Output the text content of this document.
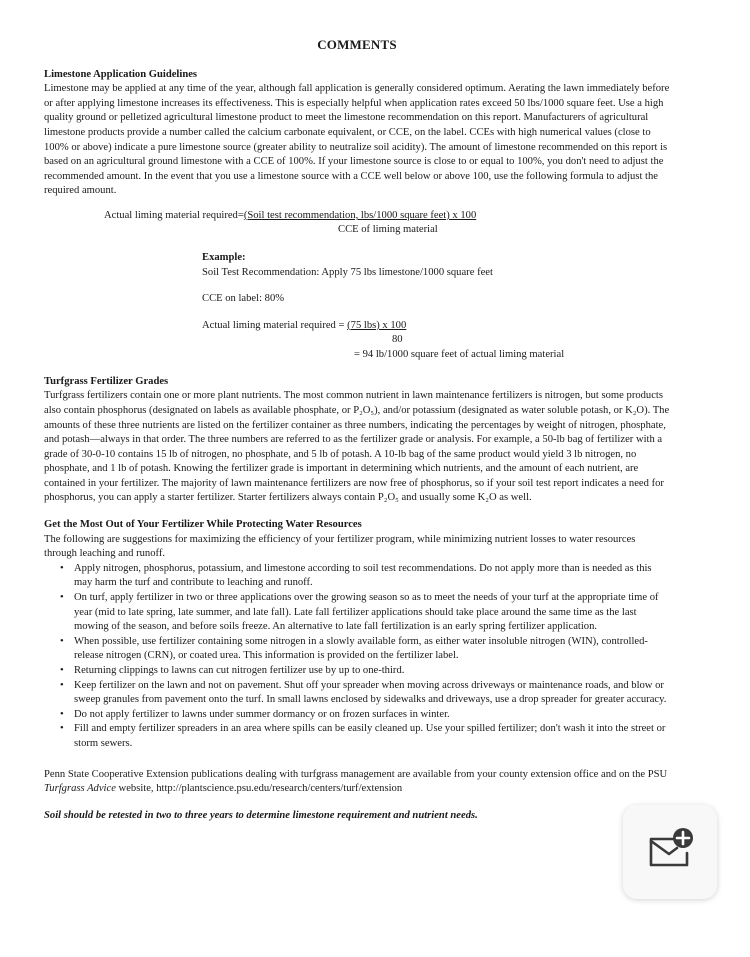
COMMENTS
Limestone Application Guidelines

Limestone may be applied at any time of the year, although fall application is generally considered optimum. Aerating the lawn immediately before or after applying limestone increases its effectiveness. This is especially helpful when application rates exceed 50 lbs/1000 square feet. Use a high quality ground or pelletized agricultural limestone product to meet the limestone recommendation on this report. Manufacturers of agricultural limestone products provide a number called the calcium carbonate equivalent, or CCE, on the label. CCEs with high numerical values (close to 100% or above) indicate a pure limestone source (greater ability to neutralize soil acidity). The amount of limestone recommended on this report is based on an agricultural ground limestone with a CCE of 100%. If your limestone source is close to or equal to 100%, you don't need to adjust the recommended amount. In the event that you use a limestone source with a CCE well below or above 100, use the following formula to adjust the required amount.

Actual liming material required=(Soil test recommendation, lbs/1000 square feet) x 100
CCE of liming material

Example:

Soil Test Recommendation: Apply 75 lbs limestone/1000 square feet

CCE on label: 80%

Actual liming material required = (75 lbs) x 100
80
= 94 lb/1000 square feet of actual liming material
Turfgrass Fertilizer Grades

Turfgrass fertilizers contain one or more plant nutrients. The most common nutrient in lawn maintenance fertilizers is nitrogen, but some products also contain phosphorus (designated on labels as available phosphate, or P₂O₅), and/or potassium (designated as water soluble potash, or K₂O). The amounts of these three nutrients are listed on the fertilizer container as three numbers, indicating the percentages by weight of nitrogen, phosphate, and potash—always in that order. The three numbers are referred to as the fertilizer grade or analysis. For example, a 50-lb bag of fertilizer with a grade of 30-0-10 contains 15 lb of nitrogen, no phosphate, and 5 lb of potash. A 10-lb bag of the same product would yield 3 lb nitrogen, no phosphate, and 1 lb of potash. Knowing the fertilizer grade is important in determining which nutrients, and the amount of each nutrient, are contained in your fertilizer. The majority of lawn maintenance fertilizers are now free of phosphorus, so if your soil test report indicates a need for phosphorus, you can apply a starter fertilizer. Starter fertilizers always contain P₂O₅ and usually some K₂O as well.

Get the Most Out of Your Fertilizer While Protecting Water Resources

The following are suggestions for maximizing the efficiency of your fertilizer program, while minimizing nutrient losses to water resources through leaching and runoff.

• Apply nitrogen, phosphorus, potassium, and limestone according to soil test recommendations. Do not apply more than is needed as this may harm the turf and contribute to leaching and runoff.
• On turf, apply fertilizer in two or three applications over the growing season so as to meet the needs of your turf at the appropriate time of year (mid to late spring, late summer, and late fall). Late fall fertilizer applications should take place around the same time as the last mowing of the season, and before soils freeze. An alternative to late fall fertilization is an early spring fertilizer application.
• When possible, use fertilizer containing some nitrogen in a slowly available form, as either water insoluble nitrogen (WIN), controlled-release nitrogen (CRN), or coated urea. This information is provided on the fertilizer label.
• Returning clippings to lawns can cut nitrogen fertilizer use by up to one-third.
• Keep fertilizer on the lawn and not on pavement. Shut off your spreader when moving across driveways or maintenance roads, and blow or sweep granules from pavement onto the turf. In small lawns enclosed by sidewalks and driveways, use a drop spreader for greater accuracy.
• Do not apply fertilizer to lawns under summer dormancy or on frozen surfaces in winter.
• Fill and empty fertilizer spreaders in an area where spills can be easily cleaned up. Use your spilled fertilizer; don't wash it into the street or storm sewers.

Penn State Cooperative Extension publications dealing with turfgrass management are available from your county extension office and on the PSU Turfgrass Advice website, http://plantscience.psu.edu/research/centers/turf/extension

Soil should be retested in two to three years to determine limestone requirement and nutrient needs.
